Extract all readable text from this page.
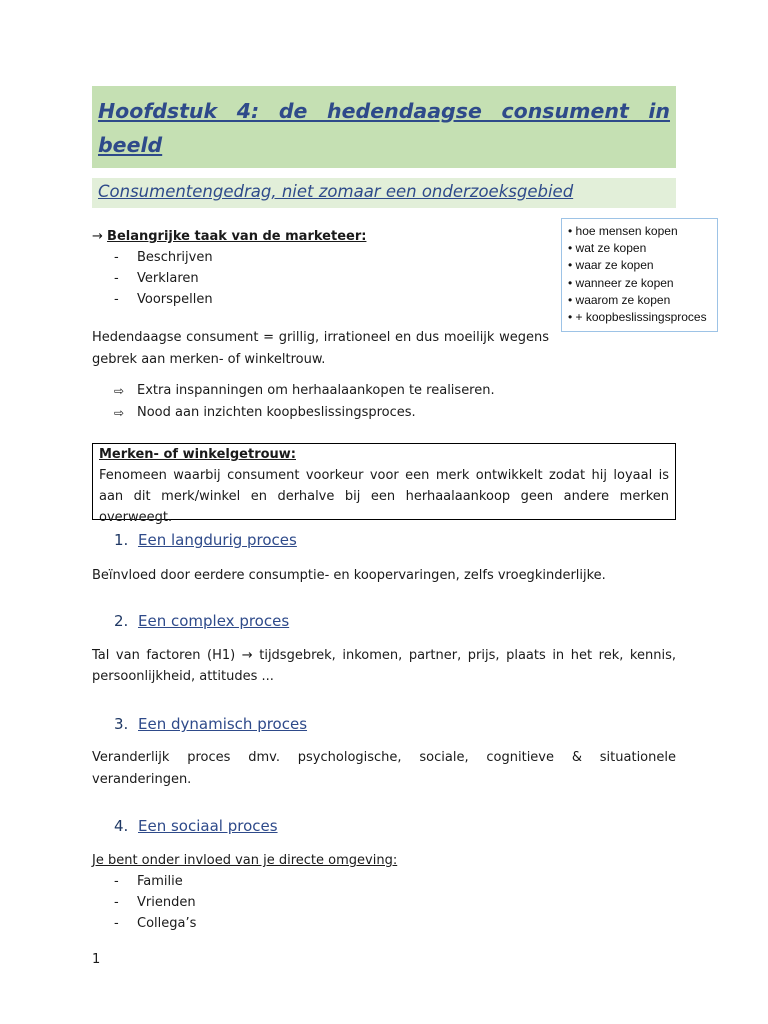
Hoofdstuk 4: de hedendaagse consument in beeld

Consumentengedrag, niet zomaar een onderzoeksgebied

• hoe mensen kopen
• wat ze kopen
• waar ze kopen
• wanneer ze kopen
• waarom ze kopen
• + koopbeslissingsproces
→ Belangrijke taak van de marketeer:
- Beschrijven
- Verklaren
- Voorspellen

Hedendaagse consument = grillig, irrationeel en dus moeilijk wegens gebrek aan merken- of winkeltrouw.

⇨ Extra inspanningen om herhaalaankopen te realiseren.
⇨ Nood aan inzichten koopbeslissingsproces.
Merken- of winkelgetrouw:
Fenomeen waarbij consument voorkeur voor een merk ontwikkelt zodat hij loyaal is aan dit merk/winkel en derhalve bij een herhaalaankoop geen andere merken overweegt.
1. Een langdurig proces

Beïnvloed door eerdere consumptie- en koopervaringen, zelfs vroegkinderlijke.

2. Een complex proces

Tal van factoren (H1) → tijdsgebrek, inkomen, partner, prijs, plaats in het rek, kennis, persoonlijkheid, attitudes ...

3. Een dynamisch proces

Veranderlijk proces dmv. psychologische, sociale, cognitieve & situationele veranderingen.

4. Een sociaal proces

Je bent onder invloed van je directe omgeving:

- Familie
- Vrienden
- Collega’s
1
